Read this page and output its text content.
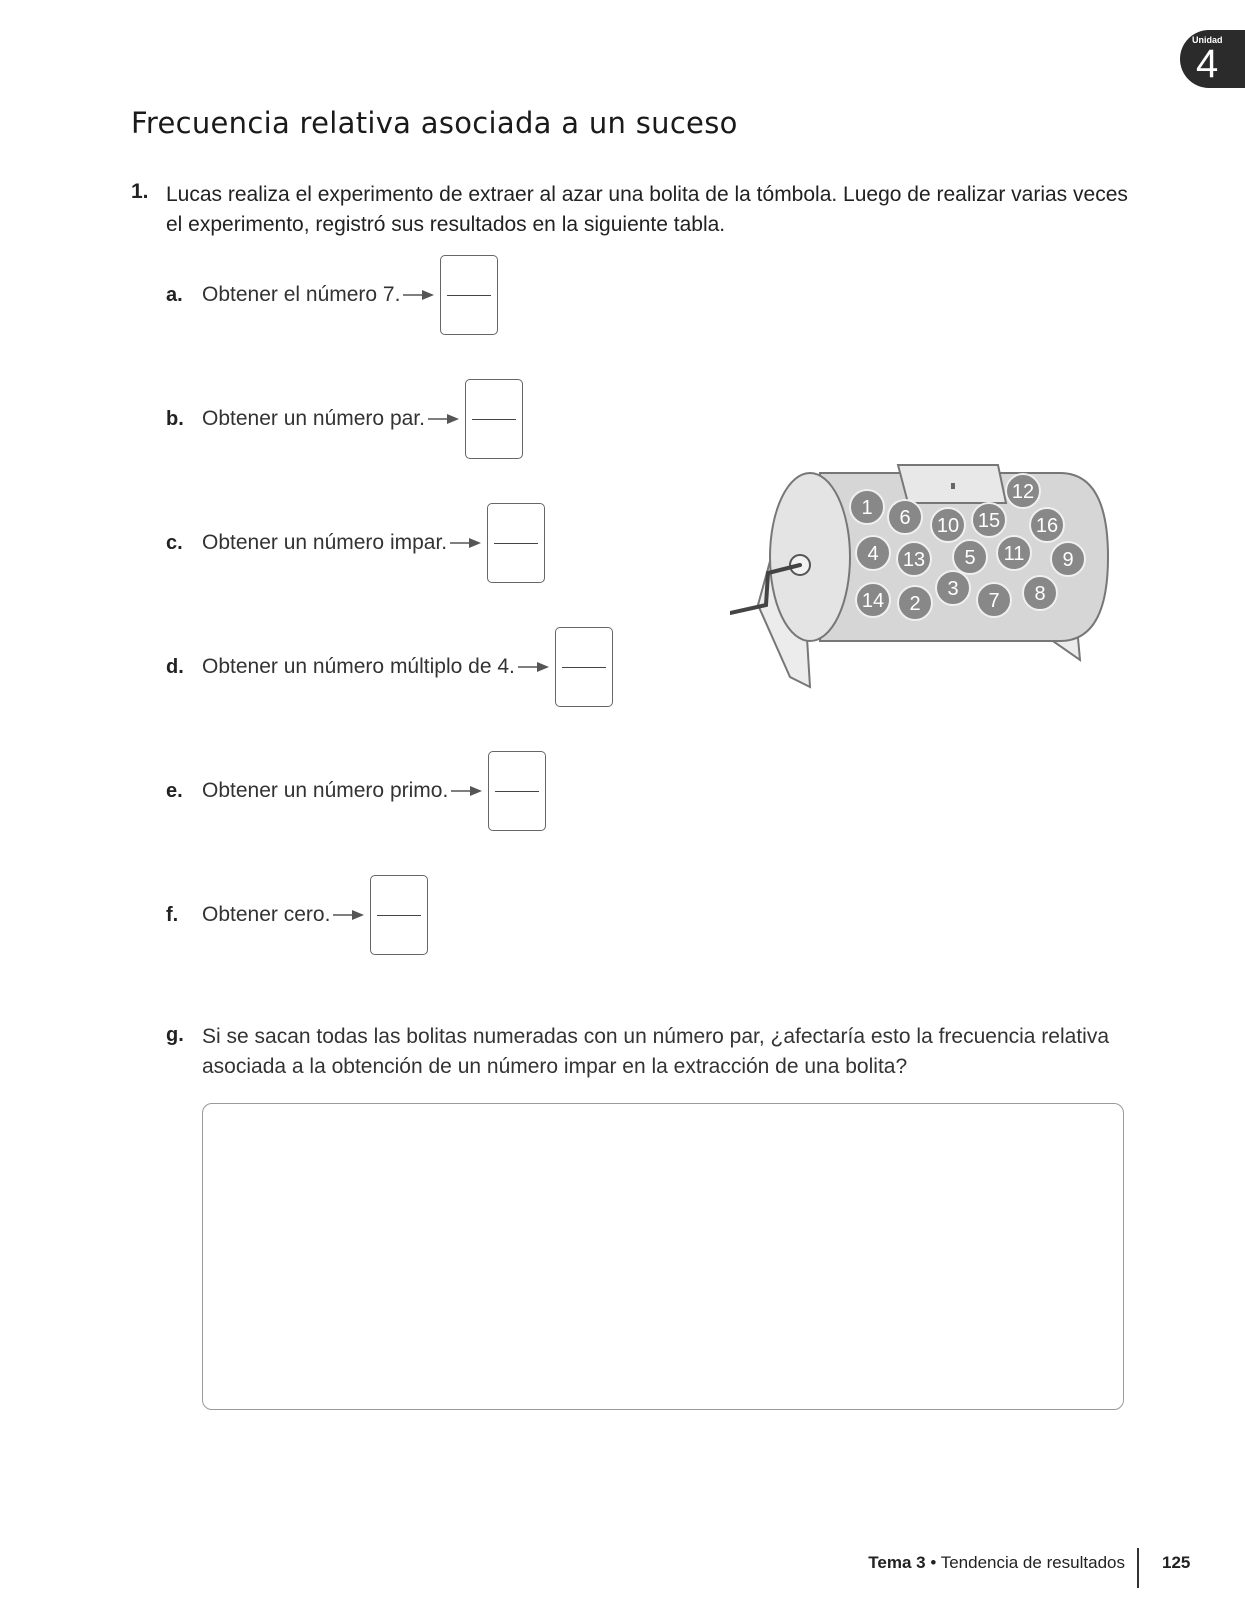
Unidad
4
Frecuencia relativa asociada a un suceso
1. Lucas realiza el experimento de extraer al azar una bolita de la tómbola. Luego de realizar varias veces el experimento, registró sus resultados en la siguiente tabla.
a. Obtener el número 7.
b. Obtener un número par.
c. Obtener un número impar.
d. Obtener un número múltiplo de 4.
e. Obtener un número primo.
f.	Obtener cero.
1 6 10 15
12
16
4 13 5 11 9
14 2
3
7 8
g. Si se sacan todas las bolitas numeradas con un número par, ¿afectaría esto la frecuencia relativa asociada a la obtención de un número impar en la extracción de una bolita?
Tema 3 • Tendencia de resultados 125
